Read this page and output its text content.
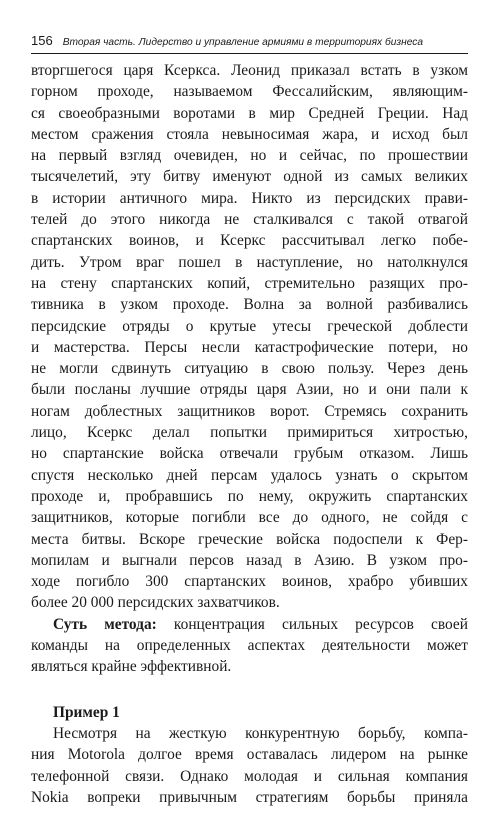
156 Вторая часть. Лидерство и управление армиями в территориях бизнеса
вторгшегося царя Ксеркса. Леонид приказал встать в узком
горном проходе, называемом Фессалийским, являющим-
ся своеобразными воротами в мир Средней Греции. Над
местом сражения стояла невыносимая жара, и исход был
на первый взгляд очевиден, но и сейчас, по прошествии
тысячелетий, эту битву именуют одной из самых великих
в истории античного мира. Никто из персидских прави-
телей до этого никогда не сталкивался с такой отвагой
спартанских воинов, и Ксеркс рассчитывал легко побе-
дить. Утром враг пошел в наступление, но натолкнулся
на стену спартанских копий, стремительно разящих про-
тивника в узком проходе. Волна за волной разбивались
персидские отряды о крутые утесы греческой доблести
и мастерства. Персы несли катастрофические потери, но
не могли сдвинуть ситуацию в свою пользу. Через день
были посланы лучшие отряды царя Азии, но и они пали к
ногам доблестных защитников ворот. Стремясь сохранить
лицо, Ксеркс делал попытки примириться хитростью,
но спартанские войска отвечали грубым отказом. Лишь
спустя несколько дней персам удалось узнать о скрытом
проходе и, пробравшись по нему, окружить спартанских
защитников, которые погибли все до одного, не сойдя с
места битвы. Вскоре греческие войска подоспели к Фер-
мопилам и выгнали персов назад в Азию. В узком про-
ходе погибло 300 спартанских воинов, храбро убивших
более 20 000 персидских захватчиков.
Суть метода: концентрация сильных ресурсов своей
команды на определенных аспектах деятельности может
являться крайне эффективной.
Пример 1
Несмотря на жесткую конкурентную борьбу, компа-
ния Motorola долгое время оставалась лидером на рынке
телефонной связи. Однако молодая и сильная компания
Nokia вопреки привычным стратегиям борьбы приняла
